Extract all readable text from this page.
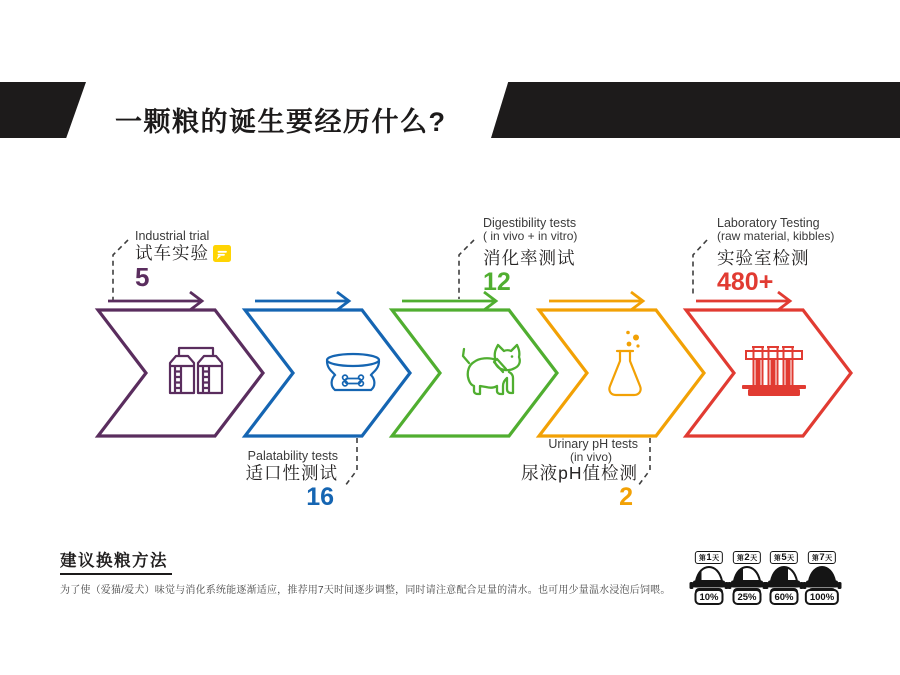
一颗粮的诞生要经历什么?
Industrial trial
试车实验
5
Palatability tests
适口性测试
16
Digestibility tests
( in vivo + in vitro)
消化率测试
12
Urinary pH tests
(in vivo)
尿液pH值检测
2
Laboratory Testing
(raw material, kibbles)
实验室检测
480+
建议换粮方法
为了使（爱猫/爱犬）味觉与消化系统能逐渐适应，推荐用7天时间逐步调整，同时请注意配合足量的清水。也可用少量温水浸泡后饲喂。
第 1 天	第 2 天 第 5 天	第 7 天
10%	25%	60%	100%
